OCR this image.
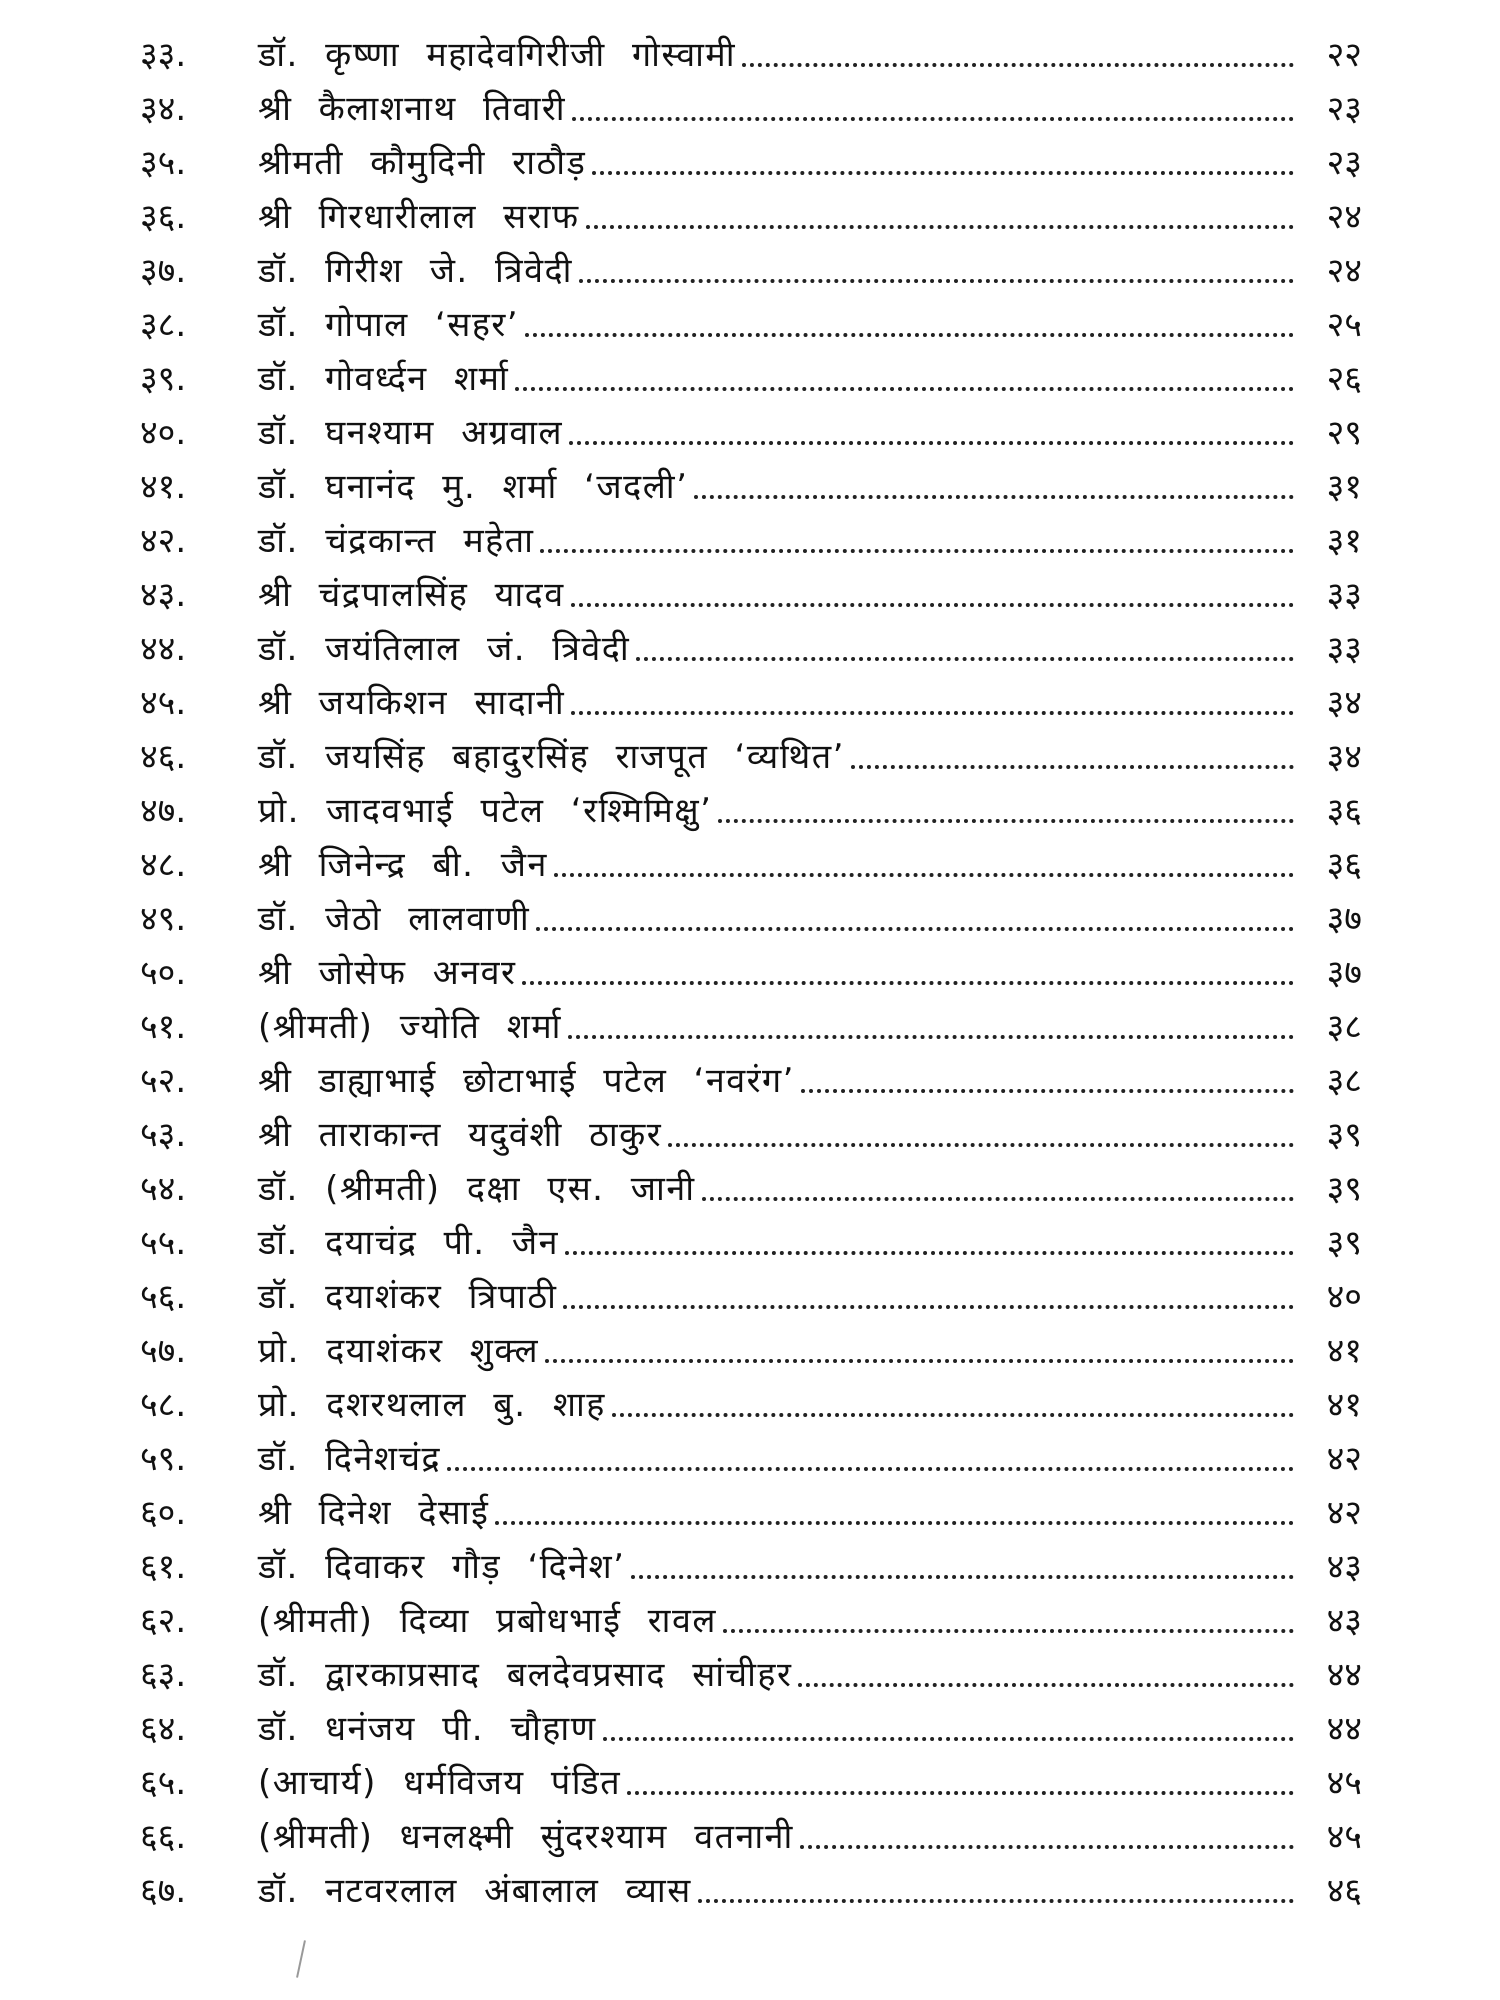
३३.	डॉ. कृष्णा महादेवगिरीजी गोस्वामी	२२
३४.	श्री कैलाशनाथ तिवारी	२३
३५.	श्रीमती कौमुदिनी राठौड़	२३
३६.	श्री गिरधारीलाल सराफ	२४
३७.	डॉ. गिरीश जे. त्रिवेदी	२४
३८.	डॉ. गोपाल ‘सहर’	२५
३९.	डॉ. गोवर्ध्दन शर्मा	२६
४०.	डॉ. घनश्याम अग्रवाल	२९
४१.	डॉ. घनानंद मु. शर्मा ‘जदली’	३१
४२.	डॉ. चंद्रकान्त महेता	३१
४३.	श्री चंद्रपालसिंह यादव	३३
४४.	डॉ. जयंतिलाल जं. त्रिवेदी	३३
४५.	श्री जयकिशन सादानी	३४
४६.	डॉ. जयसिंह बहादुरसिंह राजपूत ‘व्यथित’	३४
४७.	प्रो. जादवभाई पटेल ‘रश्मिमिक्षु’	३६
४८.	श्री जिनेन्द्र बी. जैन	३६
४९.	डॉ. जेठो लालवाणी	३७
५०.	श्री जोसेफ अनवर	३७
५१.	(श्रीमती) ज्योति शर्मा	३८
५२.	श्री डाह्याभाई छोटाभाई पटेल ‘नवरंग’	३८
५३.	श्री ताराकान्त यदुवंशी ठाकुर	३९
५४.	डॉ. (श्रीमती) दक्षा एस. जानी	३९
५५.	डॉ. दयाचंद्र पी. जैन	३९
५६.	डॉ. दयाशंकर त्रिपाठी	४०
५७.	प्रो. दयाशंकर शुक्ल	४१
५८.	प्रो. दशरथलाल बु. शाह	४१
५९.	डॉ. दिनेशचंद्र	४२
६०.	श्री दिनेश देसाई	४२
६१.	डॉ. दिवाकर गौड़ ‘दिनेश’	४३
६२.	(श्रीमती) दिव्या प्रबोधभाई रावल	४३
६३.	डॉ. द्वारकाप्रसाद बलदेवप्रसाद सांचीहर	४४
६४.	डॉ. धनंजय पी. चौहाण	४४
६५.	(आचार्य) धर्मविजय पंडित	४५
६६.	(श्रीमती) धनलक्ष्मी सुंदरश्याम वतनानी	४५
६७.	डॉ. नटवरलाल अंबालाल व्यास	४६
